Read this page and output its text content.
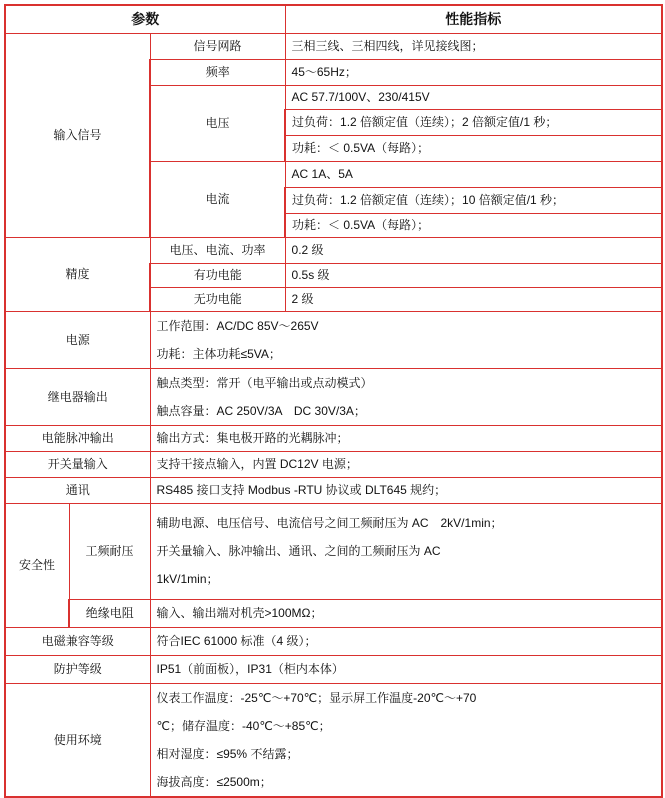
参数			性能指标
输入信号		信号网路	三相三线、三相四线，详见接线图；
		频率	45～65Hz；
		电压	AC 57.7/100V、230/415V
			过负荷：1.2 倍额定值（连续）；2 倍额定值/1 秒；
			功耗：＜ 0.5VA（每路）；
		电流	AC 1A、5A
			过负荷：1.2 倍额定值（连续）；10 倍额定值/1 秒；
			功耗：＜ 0.5VA（每路）；
精度		电压、电流、功率	0.2 级
		有功电能	0.5s 级
		无功电能	2 级
电源		工作范围：AC/DC 85V～265V
功耗：主体功耗≤5VA；	

继电器输出		触点类型：常开（电平输出或点动模式）
触点容量：AC 250V/3A　DC 30V/3A；	

电能脉冲输出		输出方式：集电极开路的光耦脉冲；	
开关量输入		支持干接点输入，内置 DC12V 电源；	
通讯		RS485 接口支持 Modbus -RTU 协议或 DLT645 规约；	
安全性	工频耐压	辅助电源、电压信号、电流信号之间工频耐压为 AC　2kV/1min；
开关量输入、脉冲输出、通讯、之间的工频耐压为 AC
1kV/1min；	

	绝缘电阻	输入、输出端对机壳>100MΩ；	
电磁兼容等级		符合IEC 61000 标准（4 级）；	
防护等级		IP51（前面板），IP31（柜内本体）	
使用环境		仪表工作温度：-25℃～+70℃；显示屏工作温度-20℃～+70
℃；储存温度：-40℃～+85℃；
相对湿度：≤95% 不结露；
海拔高度：≤2500m；	
